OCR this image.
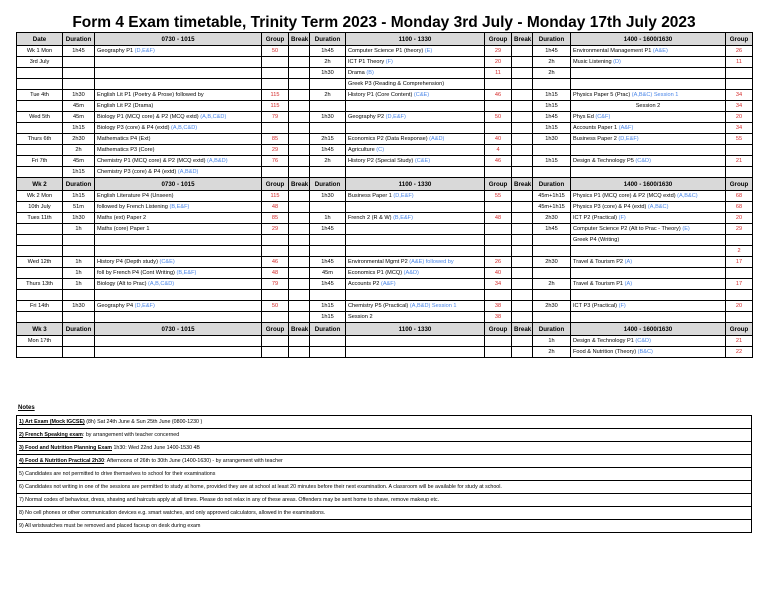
Form 4 Exam timetable, Trinity Term 2023 - Monday 3rd July - Monday 17th July 2023
Date	Duration	0730 - 1015	Group	Break	Duration	1100 - 1330	Group	Break	Duration	1400 - 1600/1630	Group
Wk 1 Mon	1h45	Geography P1 (D,E&F)	50		1h45	Computer Science P1 (theory) (E)	29		1h45	Environmental Management P1 (A&E)	26
3rd July					2h	ICT P1 Theory (F)	20		2h	Music Listening (D)	11
					1h30	Drama (B)	11		2h		
						Greek P3 (Reading & Comprehension)					
Tue 4th	1h30	English Lit P1 (Poetry & Prose) followed by	115		2h	History P1 (Core Content) (C&E)	46		1h15	Physics Paper 5 (Prac) (A,B&C) Session 1	34
	45m	English Lit P2 (Drama)	115						1h15	Session 2	34
Wed 5th	45m	Biology P1 (MCQ core) & P2 (MCQ extd) (A,B,C&D)	79		1h30	Geography P2 (D,E&F)	50		1h45	Phys Ed (C&F)	20
	1h15	Biology P3 (core) & P4 (extd) (A,B,C&D)							1h15	Accounts Paper 1 (A&F)	34
Thurs 6th	2h30	Mathematics P4 (Ext)	85		2h15	Economics P2 (Data Response) (A&D)	40		1h30	Business Paper 2 (D,E&F)	55
	2h	Mathematics P3 (Core)	29		1h45	Agriculture (C)	4				
Fri 7th	45m	Chemistry P1 (MCQ core) & P2 (MCQ extd) (A,B&D)	76		2h	History P2 (Special Study) (C&E)	46		1h15	Design & Technology P5 (C&D)	21
	1h15	Chemistry P3 (core) & P4 (extd) (A,B&D)									
Wk 2	Duration	0730 - 1015	Group	Break	Duration	1100 - 1330	Group	Break	Duration	1400 - 1600/1630	Group
Wk 2 Mon	1h15	English Literature P4 (Unseen)	115		1h30	Business Paper 1 (D,E&F)	55		45m+1h15	Physics P1 (MCQ core) & P2 (MCQ extd) (A,B&C)	68
10th July	51m	followed by French Listening (B,E&F)	48						45m+1h15	Physics P3 (core) & P4 (extd) (A,B&C)	68
Tues 11th	1h30	Maths (ext) Paper 2	85		1h	French 2 (R & W) (B,E&F)	48		2h30	ICT P2 (Practical) (F)	20
	1h	Maths (core) Paper 1	29		1h45				1h45	Computer Science P2 (Alt to Prac - Theory) (E)	29
										Greek P4 (Writing)	
											2
Wed 12th	1h	History P4 (Depth study) (C&E)	46		1h45	Environmental Mgmt P2 (A&E) followed by	26		2h30	Travel & Tourism P2 (A)	17
	1h	foll by French P4 (Cont Writing) (B,E&F)	48		45m	Economics P1 (MCQ) (A&D)	40				
Thurs 13th	1h	Biology (Alt to Prac) (A,B,C&D)	79		1h45	Accounts P2 (A&F)	34		2h	Travel & Tourism P1 (A)	17

Fri 14th	1h30	Geography P4 (D,E&F)	50		1h15	Chemistry P5 (Practical) (A,B&D) Session 1	38		2h30	ICT P3 (Practical) (F)	20
					1h15	Session 2	38				
Wk 3	Duration	0730 - 1015	Group	Break	Duration	1100 - 1330	Group	Break	Duration	1400 - 1600/1630	Group
Mon 17th									1h	Design & Technology P1 (C&D)	21
									2h	Food & Nutrition (Theory) (B&C)	22
Notes
1) Art Exam (Mock IGCSE) (8h) Sat 24th June & Sun 25th June (0800-1230 )
2) French Speaking exam: by arrangement with teacher concerned
3) Food and Nutrition Planning Exam 1h30: Wed 22nd June 1400-1530 4B
4) Food & Nutrition Practical 2h30: Afternoons of 26th to 30th June (1400-1630) - by arrangement with teacher
5) Candidates are not permitted to drive themselves to school for their examinations
6) Candidates not writing in one of the sessions are permitted to study at home, provided they are at school at least 20 minutes before their next examination. A classroom will be available for study at school.
7) Normal codes of behaviour, dress, shaving and haircuts apply at all times. Please do not relax in any of these areas. Offenders may be sent home to shave, remove makeup etc.
8) No cell phones or other communication devices e.g. smart watches, and only approved calculators, allowed in the examinations.
9) All wristwatches must be removed and placed faceup on desk during exam
